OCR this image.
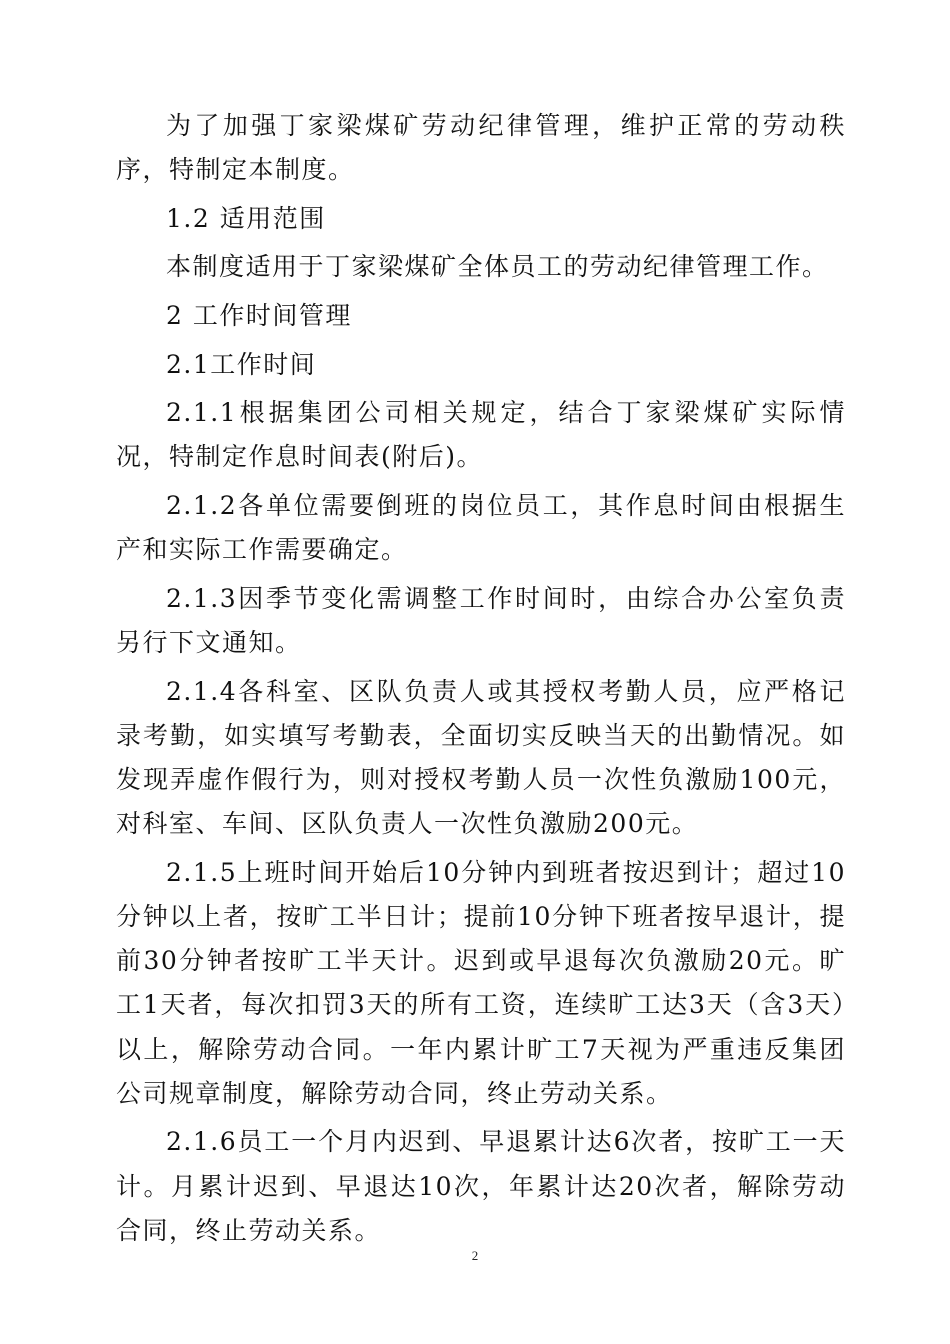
为了加强丁家梁煤矿劳动纪律管理，维护正常的劳动秩序，特制定本制度。

1.2 适用范围

本制度适用于丁家梁煤矿全体员工的劳动纪律管理工作。

2 工作时间管理

2.1工作时间

2.1.1根据集团公司相关规定，结合丁家梁煤矿实际情况，特制定作息时间表(附后)。

2.1.2各单位需要倒班的岗位员工，其作息时间由根据生产和实际工作需要确定。

2.1.3因季节变化需调整工作时间时，由综合办公室负责另行下文通知。

2.1.4各科室、区队负责人或其授权考勤人员，应严格记录考勤，如实填写考勤表，全面切实反映当天的出勤情况。如发现弄虚作假行为，则对授权考勤人员一次性负激励100元，对科室、车间、区队负责人一次性负激励200元。

2.1.5上班时间开始后10分钟内到班者按迟到计；超过10分钟以上者，按旷工半日计；提前10分钟下班者按早退计，提前30分钟者按旷工半天计。迟到或早退每次负激励20元。旷工1天者，每次扣罚3天的所有工资，连续旷工达3天（含3天）以上，解除劳动合同。一年内累计旷工7天视为严重违反集团公司规章制度，解除劳动合同，终止劳动关系。

2.1.6员工一个月内迟到、早退累计达6次者，按旷工一天计。月累计迟到、早退达10次，年累计达20次者，解除劳动合同，终止劳动关系。

2
